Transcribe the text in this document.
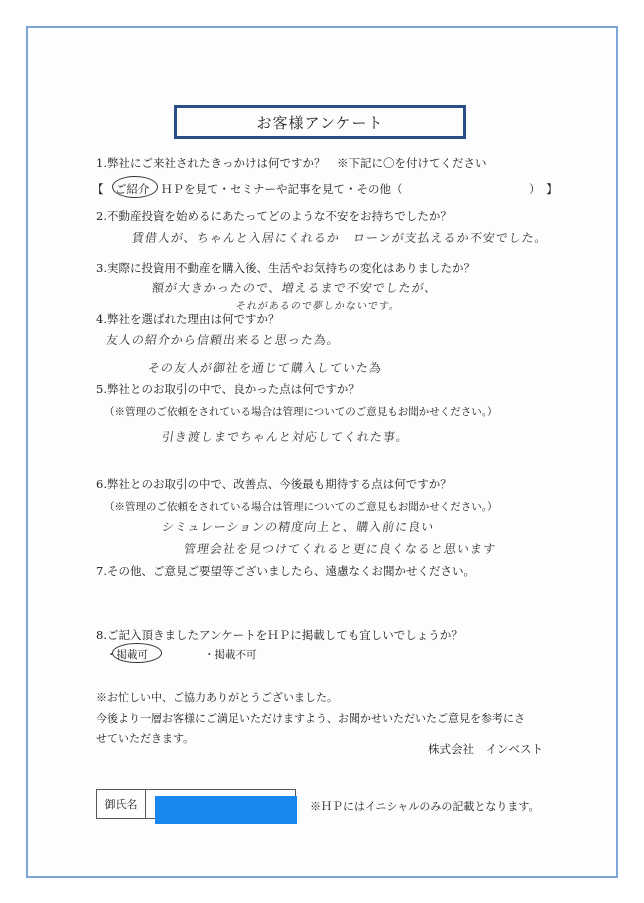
お客様アンケート
1.弊社にご来社されたきっかけは何ですか？　※下記に〇を付けてください
【　ご紹介　ＨＰを見て・セミナーや記事を見て・その他（　　　　　　　　　　　）　】
2.不動産投資を始めるにあたってどのような不安をお持ちでしたか？
賃借人が、ちゃんと入居にくれるか　ローンが支払えるか不安でした。
3.実際に投資用不動産を購入後、生活やお気持ちの変化はありましたか？
額が大きかったので、増えるまで不安でしたが、
それがあるので夢しかないです。
4.弊社を選ばれた理由は何ですか？
友人の紹介から信頼出来ると思った為。
その友人が御社を通じて購入していた為
5.弊社とのお取引の中で、良かった点は何ですか？
（※管理のご依頼をされている場合は管理についてのご意見もお聞かせください。）
引き渡しまでちゃんと対応してくれた事。
6.弊社とのお取引の中で、改善点、今後最も期待する点は何ですか？
（※管理のご依頼をされている場合は管理についてのご意見もお聞かせください。）
シミュレーションの精度向上と、購入前に良い
管理会社を見つけてくれると更に良くなると思います
7.その他、ご意見ご要望等ございましたら、遠慮なくお聞かせください。
8.ご記入頂きましたアンケートをＨＰに掲載しても宜しいでしょうか？
・掲載可	・掲載不可
※お忙しい中、ご協力ありがとうございました。
今後より一層お客様にご満足いただけますよう、お聞かせいただいたご意見を参考にさ
せていただきます。
株式会社　インベスト
御氏名	※ＨＰにはイニシャルのみの記載となります。
